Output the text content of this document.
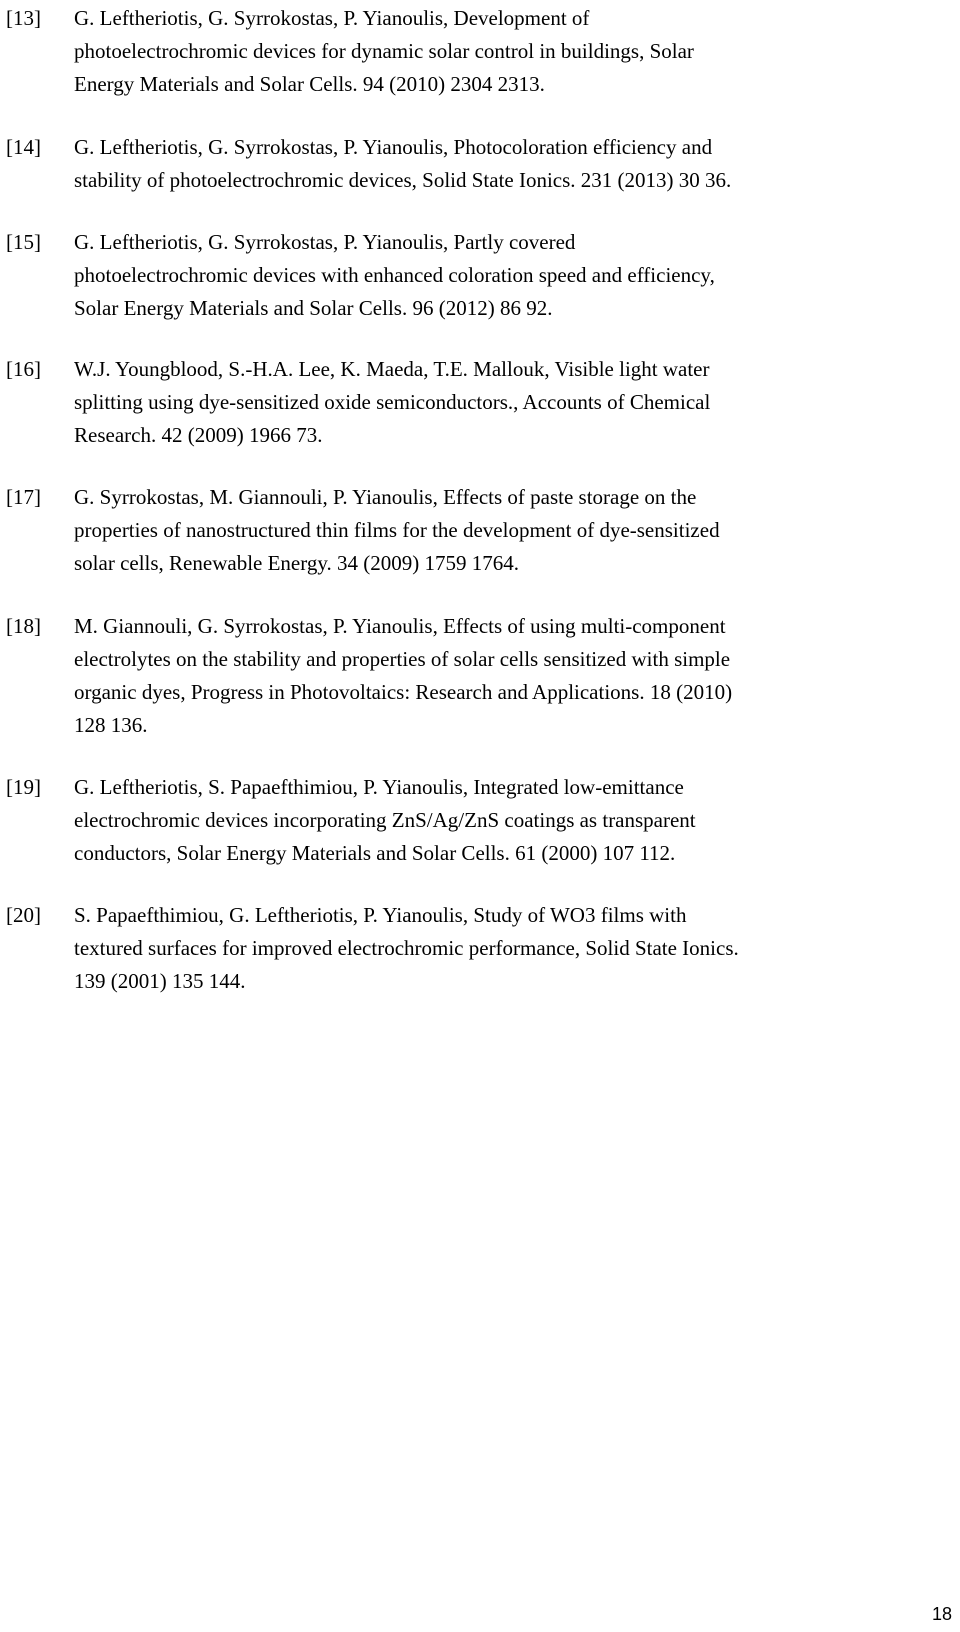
[13] G. Leftheriotis, G. Syrrokostas, P. Yianoulis, Development of
photoelectrochromic devices for dynamic solar control in buildings, Solar
Energy Materials and Solar Cells. 94 (2010) 2304 2313.
[14] G. Leftheriotis, G. Syrrokostas, P. Yianoulis, Photocoloration efficiency and
stability of photoelectrochromic devices, Solid State Ionics. 231 (2013) 30 36.
[15] G. Leftheriotis, G. Syrrokostas, P. Yianoulis, Partly covered
photoelectrochromic devices with enhanced coloration speed and efficiency,
Solar Energy Materials and Solar Cells. 96 (2012) 86 92.
[16] W.J. Youngblood, S.-H.A. Lee, K. Maeda, T.E. Mallouk, Visible light water
splitting using dye-sensitized oxide semiconductors., Accounts of Chemical
Research. 42 (2009) 1966 73.
[17] G. Syrrokostas, M. Giannouli, P. Yianoulis, Effects of paste storage on the
properties of nanostructured thin films for the development of dye-sensitized
solar cells, Renewable Energy. 34 (2009) 1759 1764.
[18] M. Giannouli, G. Syrrokostas, P. Yianoulis, Effects of using multi-component
electrolytes on the stability and properties of solar cells sensitized with simple
organic dyes, Progress in Photovoltaics: Research and Applications. 18 (2010)
128 136.
[19] G. Leftheriotis, S. Papaefthimiou, P. Yianoulis, Integrated low-emittance
electrochromic devices incorporating ZnS/Ag/ZnS coatings as transparent
conductors, Solar Energy Materials and Solar Cells. 61 (2000) 107 112.
[20] S. Papaefthimiou, G. Leftheriotis, P. Yianoulis, Study of WO3 films with
textured surfaces for improved electrochromic performance, Solid State Ionics.
139 (2001) 135 144.
18
